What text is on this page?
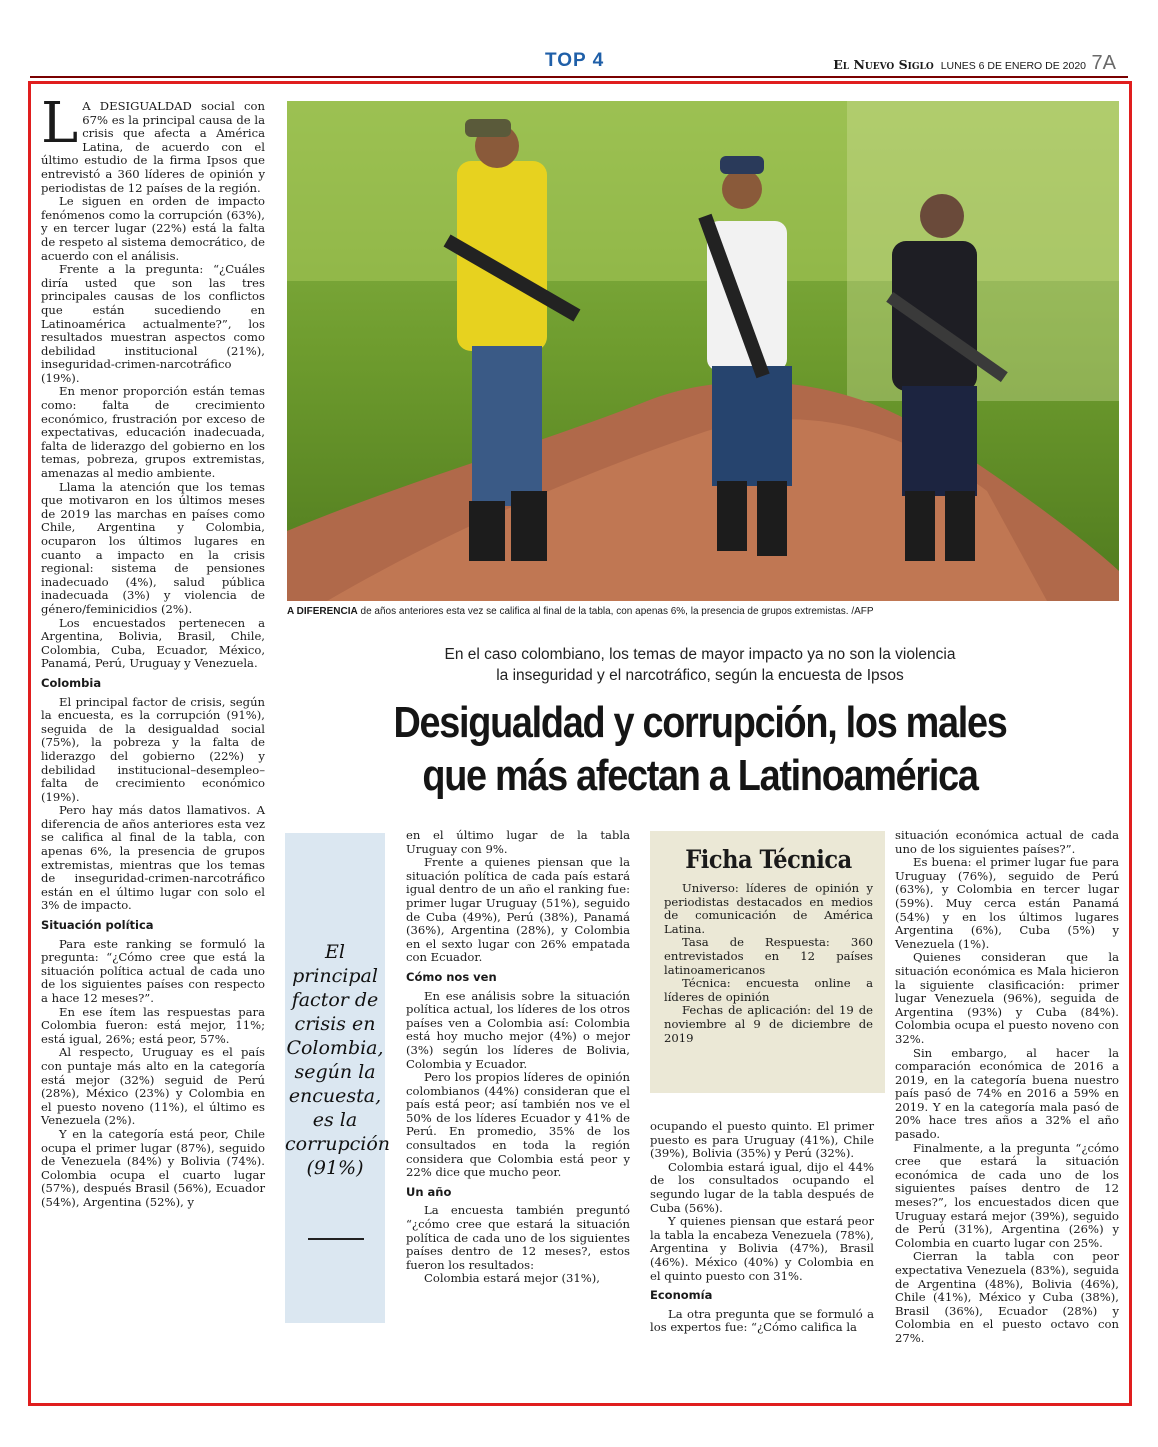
TOP 4	7A
El Nuevo Siglo LUNES 6 DE ENERO DE 2020

L A DESIGUALDAD social con 67% es la principal causa de la crisis que afecta a América Latina, de acuerdo con el último estudio de la firma Ipsos que entrevistó a 360 líderes de opinión y periodistas de 12 países de la región.

Le siguen en orden de impacto fenómenos como la corrupción (63%), y en tercer lugar (22%) está la falta de respeto al sistema democrático, de acuerdo con el análisis.

Frente a la pregunta: “¿Cuáles diría usted que son las tres principales causas de los conflictos que están sucediendo en Latinoamérica actualmente?”, los resultados muestran aspectos como debilidad institucional (21%), inseguridad-crimen-narcotráfico (19%).

En menor proporción están temas como: falta de crecimiento económico, frustración por exceso de expectativas, educación inadecuada, falta de liderazgo del gobierno en los temas, pobreza, grupos extremistas, amenazas al medio ambiente.

Llama la atención que los temas que motivaron en los últimos meses de 2019 las marchas en países como Chile, Argentina y Colombia, ocuparon los últimos lugares en cuanto a impacto en la crisis regional: sistema de pensiones inadecuado (4%), salud pública inadecuada (3%) y violencia de género/feminicidios (2%).

Los encuestados pertenecen a Argentina, Bolivia, Brasil, Chile, Colombia, Cuba, Ecuador, México, Panamá, Perú, Uruguay y Venezuela.

Colombia

El principal factor de crisis, según la encuesta, es la corrupción (91%), seguida de la desigualdad social (75%), la pobreza y la falta de liderazgo del gobierno (22%) y debilidad institucional–desempleo–falta de crecimiento económico (19%).

Pero hay más datos llamativos. A diferencia de años anteriores esta vez se califica al final de la tabla, con apenas 6%, la presencia de grupos extremistas, mientras que los temas de inseguridad-crimen-narcotráfico están en el último lugar con solo el 3% de impacto.

Situación política

Para este ranking se formuló la pregunta: “¿Cómo cree que está la situación política actual de cada uno de los siguientes países con respecto a hace 12 meses?”.

En ese ítem las respuestas para Colombia fueron: está mejor, 11%; está igual, 26%; está peor, 57%.

Al respecto, Uruguay es el país con puntaje más alto en la categoría está mejor (32%) seguid de Perú (28%), México (23%) y Colombia en el puesto noveno (11%), el último es Venezuela (2%).

Y en la categoría está peor, Chile ocupa el primer lugar (87%), seguido de Venezuela (84%) y Bolivia (74%). Colombia ocupa el cuarto lugar (57%), después Brasil (56%), Ecuador (54%), Argentina (52%), y

A DIFERENCIA de años anteriores esta vez se califica al final de la tabla, con apenas 6%, la presencia de grupos extremistas. /AFP
En el caso colombiano, los temas de mayor impacto ya no son la violencia
la inseguridad y el narcotráfico, según la encuesta de Ipsos
Desigualdad y corrupción, los males
que más afectan a Latinoamérica
El principal factor de crisis en Colombia, según la encuesta, es la corrupción (91%)

en el último lugar de la tabla Uruguay con 9%.

Frente a quienes piensan que la situación política de cada país estará igual dentro de un año el ranking fue: primer lugar Uruguay (51%), seguido de Cuba (49%), Perú (38%), Panamá (36%), Argentina (28%), y Colombia en el sexto lugar con 26% empatada con Ecuador.

Cómo nos ven

En ese análisis sobre la situación política actual, los líderes de los otros países ven a Colombia así: Colombia está hoy mucho mejor (4%) o mejor (3%) según los líderes de Bolivia, Colombia y Ecuador.

Pero los propios líderes de opinión colombianos (44%) consideran que el país está peor; así también nos ve el 50% de los líderes Ecuador y 41% de Perú. En promedio, 35% de los consultados en toda la región considera que Colombia está peor y 22% dice que mucho peor.

Un año

La encuesta también preguntó “¿cómo cree que estará la situación política de cada uno de los siguientes países dentro de 12 meses?, estos fueron los resultados:

Colombia estará mejor (31%),

Ficha Técnica

Universo: líderes de opinión y periodistas destacados en medios de comunicación de América Latina.

Tasa de Respuesta: 360 entrevistados en 12 países latinoamericanos

Técnica: encuesta online a líderes de opinión

Fechas de aplicación: del 19 de noviembre al 9 de diciembre de 2019

ocupando el puesto quinto. El primer puesto es para Uruguay (41%), Chile (39%), Bolivia (35%) y Perú (32%).

Colombia estará igual, dijo el 44% de los consultados ocupando el segundo lugar de la tabla después de Cuba (56%).

Y quienes piensan que estará peor la tabla la encabeza Venezuela (78%), Argentina y Bolivia (47%), Brasil (46%). México (40%) y Colombia en el quinto puesto con 31%.

Economía

La otra pregunta que se formuló a los expertos fue: “¿Cómo califica la

situación económica actual de cada uno de los siguientes países?”.

Es buena: el primer lugar fue para Uruguay (76%), seguido de Perú (63%), y Colombia en tercer lugar (59%). Muy cerca están Panamá (54%) y en los últimos lugares Argentina (6%), Cuba (5%) y Venezuela (1%).

Quienes consideran que la situación económica es Mala hicieron la siguiente clasificación: primer lugar Venezuela (96%), seguida de Argentina (93%) y Cuba (84%). Colombia ocupa el puesto noveno con 32%.

Sin embargo, al hacer la comparación económica de 2016 a 2019, en la categoría buena nuestro país pasó de 74% en 2016 a 59% en 2019. Y en la categoría mala pasó de 20% hace tres años a 32% el año pasado.

Finalmente, a la pregunta “¿cómo cree que estará la situación económica de cada uno de los siguientes países dentro de 12 meses?”, los encuestados dicen que Uruguay estará mejor (39%), seguido de Perú (31%), Argentina (26%) y Colombia en cuarto lugar con 25%.

Cierran la tabla con peor expectativa Venezuela (83%), seguida de Argentina (48%), Bolivia (46%), Chile (41%), México y Cuba (38%), Brasil (36%), Ecuador (28%) y Colombia en el puesto octavo con 27%.
